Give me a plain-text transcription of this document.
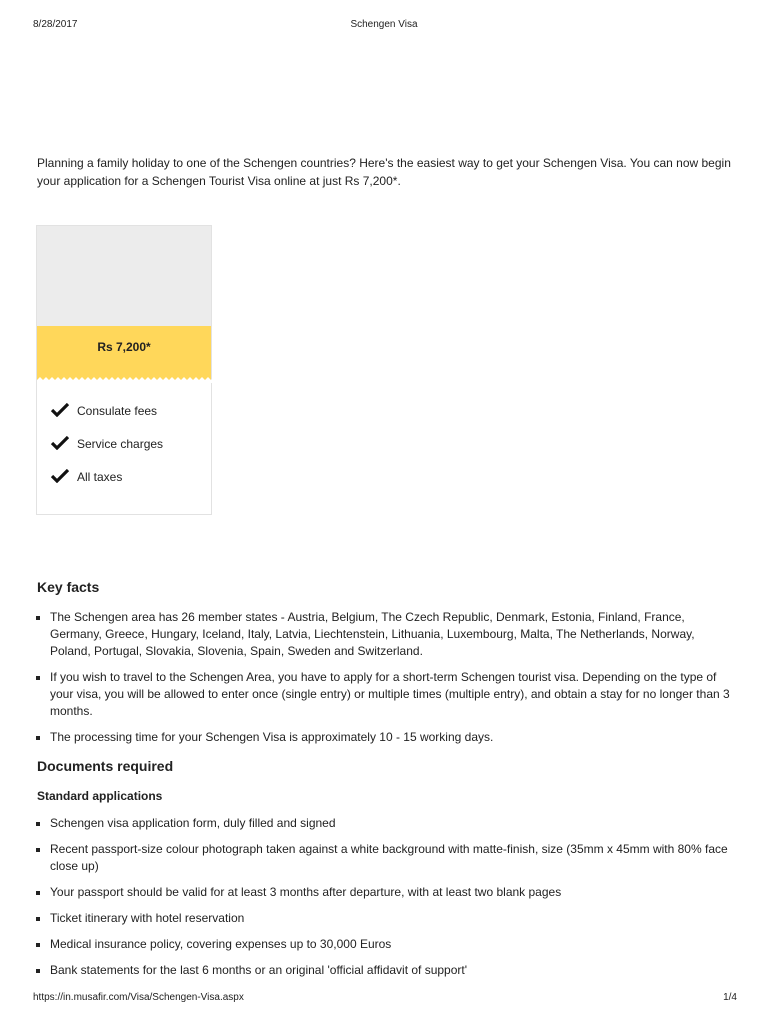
8/28/2017	Schengen Visa

Planning a family holiday to one of the Schengen countries? Here's the easiest way to get your Schengen Visa. You can now begin your application for a Schengen Tourist Visa online at just Rs 7,200*.

Rs 7,200*
Consulate fees
Service charges
All taxes
Key facts
The Schengen area has 26 member states - Austria, Belgium, The Czech Republic, Denmark, Estonia, Finland, France, Germany, Greece, Hungary, Iceland, Italy, Latvia, Liechtenstein, Lithuania, Luxembourg, Malta, The Netherlands, Norway, Poland, Portugal, Slovakia, Slovenia, Spain, Sweden and Switzerland.
If you wish to travel to the Schengen Area, you have to apply for a short-term Schengen tourist visa. Depending on the type of your visa, you will be allowed to enter once (single entry) or multiple times (multiple entry), and obtain a stay for no longer than 3 months.
The processing time for your Schengen Visa is approximately 10 - 15 working days.
Documents required
Standard applications
Schengen visa application form, duly filled and signed
Recent passport-size colour photograph taken against a white background with matte-finish, size (35mm x 45mm with 80% face close up)
Your passport should be valid for at least 3 months after departure, with at least two blank pages
Ticket itinerary with hotel reservation
Medical insurance policy, covering expenses up to 30,000 Euros
Bank statements for the last 6 months or an original 'official affidavit of support'
https://in.musafir.com/Visa/Schengen-Visa.aspx	1/4
